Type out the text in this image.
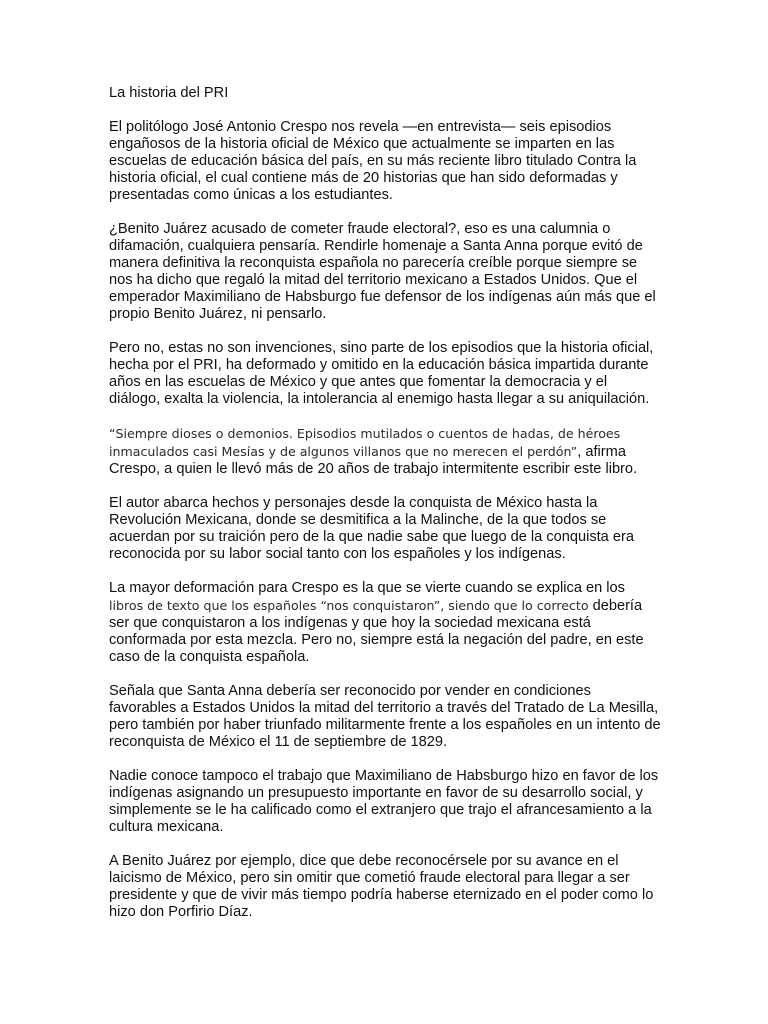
La historia del PRI

El politólogo José Antonio Crespo nos revela —en entrevista— seis episodios engañosos de la historia oficial de México que actualmente se imparten en las escuelas de educación básica del país, en su más reciente libro titulado Contra la historia oficial, el cual contiene más de 20 historias que han sido deformadas y presentadas como únicas a los estudiantes.

¿Benito Juárez acusado de cometer fraude electoral?, eso es una calumnia o difamación, cualquiera pensaría. Rendirle homenaje a Santa Anna porque evitó de manera definitiva la reconquista española no parecería creíble porque siempre se nos ha dicho que regaló la mitad del territorio mexicano a Estados Unidos. Que el emperador Maximiliano de Habsburgo fue defensor de los indígenas aún más que el propio Benito Juárez, ni pensarlo.

Pero no, estas no son invenciones, sino parte de los episodios que la historia oficial, hecha por el PRI, ha deformado y omitido en la educación básica impartida durante años en las escuelas de México y que antes que fomentar la democracia y el diálogo, exalta la violencia, la intolerancia al enemigo hasta llegar a su aniquilación.

“Siempre dioses o demonios. Episodios mutilados o cuentos de hadas, de héroes inmaculados casi Mesías y de algunos villanos que no merecen el perdón”, afirma Crespo, a quien le llevó más de 20 años de trabajo intermitente escribir este libro.

El autor abarca hechos y personajes desde la conquista de México hasta la Revolución Mexicana, donde se desmitifica a la Malinche, de la que todos se acuerdan por su traición pero de la que nadie sabe que luego de la conquista era reconocida por su labor social tanto con los españoles y los indígenas.

La mayor deformación para Crespo es la que se vierte cuando se explica en los libros de texto que los españoles “nos conquistaron”, siendo que lo correcto debería ser que conquistaron a los indígenas y que hoy la sociedad mexicana está conformada por esta mezcla. Pero no, siempre está la negación del padre, en este caso de la conquista española.

Señala que Santa Anna debería ser reconocido por vender en condiciones favorables a Estados Unidos la mitad del territorio a través del Tratado de La Mesilla, pero también por haber triunfado militarmente frente a los españoles en un intento de reconquista de México el 11 de septiembre de 1829.

Nadie conoce tampoco el trabajo que Maximiliano de Habsburgo hizo en favor de los indígenas asignando un presupuesto importante en favor de su desarrollo social, y simplemente se le ha calificado como el extranjero que trajo el afrancesamiento a la cultura mexicana.

A Benito Juárez por ejemplo, dice que debe reconocérsele por su avance en el laicismo de México, pero sin omitir que cometió fraude electoral para llegar a ser presidente y que de vivir más tiempo podría haberse eternizado en el poder como lo hizo don Porfirio Díaz.
